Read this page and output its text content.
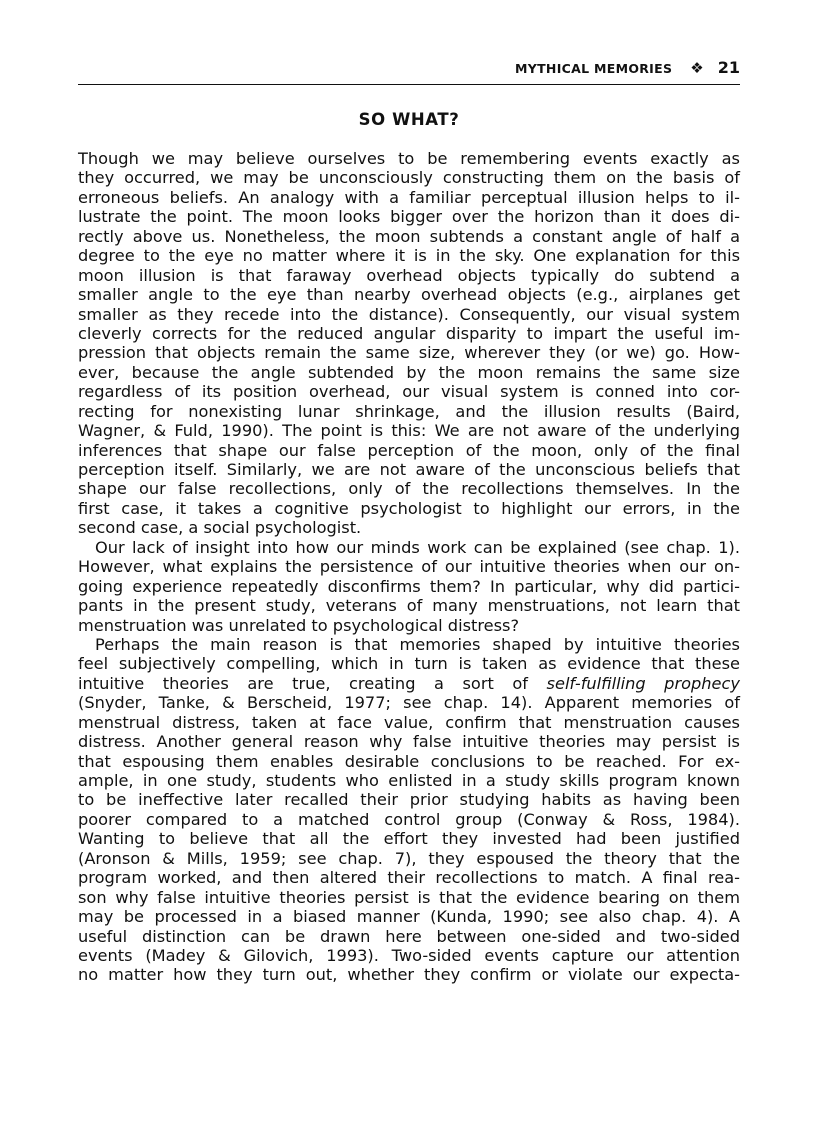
MYTHICAL MEMORIES ❖ 21
SO WHAT?
Though we may believe ourselves to be remembering events exactly as
they occurred, we may be unconsciously constructing them on the basis of
erroneous beliefs. An analogy with a familiar perceptual illusion helps to il-
lustrate the point. The moon looks bigger over the horizon than it does di-
rectly above us. Nonetheless, the moon subtends a constant angle of half a
degree to the eye no matter where it is in the sky. One explanation for this
moon illusion is that faraway overhead objects typically do subtend a
smaller angle to the eye than nearby overhead objects (e.g., airplanes get
smaller as they recede into the distance). Consequently, our visual system
cleverly corrects for the reduced angular disparity to impart the useful im-
pression that objects remain the same size, wherever they (or we) go. How-
ever, because the angle subtended by the moon remains the same size
regardless of its position overhead, our visual system is conned into cor-
recting for nonexisting lunar shrinkage, and the illusion results (Baird,
Wagner, & Fuld, 1990). The point is this: We are not aware of the underlying
inferences that shape our false perception of the moon, only of the final
perception itself. Similarly, we are not aware of the unconscious beliefs that
shape our false recollections, only of the recollections themselves. In the
first case, it takes a cognitive psychologist to highlight our errors, in the
second case, a social psychologist.
Our lack of insight into how our minds work can be explained (see chap. 1).
However, what explains the persistence of our intuitive theories when our on-
going experience repeatedly disconfirms them? In particular, why did partici-
pants in the present study, veterans of many menstruations, not learn that
menstruation was unrelated to psychological distress?
Perhaps the main reason is that memories shaped by intuitive theories
feel subjectively compelling, which in turn is taken as evidence that these
intuitive theories are true, creating a sort of self-fulfilling prophecy
(Snyder, Tanke, & Berscheid, 1977; see chap. 14). Apparent memories of
menstrual distress, taken at face value, confirm that menstruation causes
distress. Another general reason why false intuitive theories may persist is
that espousing them enables desirable conclusions to be reached. For ex-
ample, in one study, students who enlisted in a study skills program known
to be ineffective later recalled their prior studying habits as having been
poorer compared to a matched control group (Conway & Ross, 1984).
Wanting to believe that all the effort they invested had been justified
(Aronson & Mills, 1959; see chap. 7), they espoused the theory that the
program worked, and then altered their recollections to match. A final rea-
son why false intuitive theories persist is that the evidence bearing on them
may be processed in a biased manner (Kunda, 1990; see also chap. 4). A
useful distinction can be drawn here between one-sided and two-sided
events (Madey & Gilovich, 1993). Two-sided events capture our attention
no matter how they turn out, whether they confirm or violate our expecta-
